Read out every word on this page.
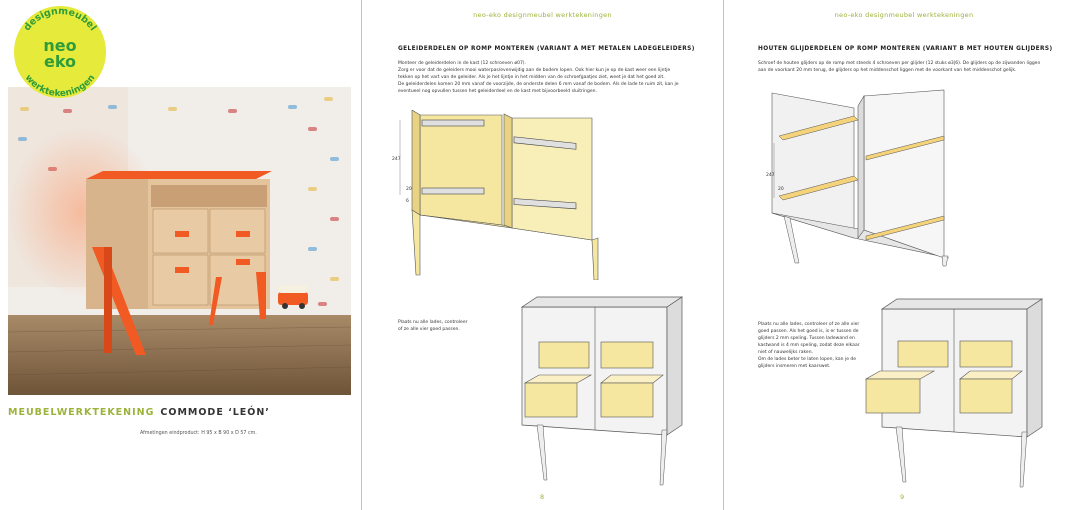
designmeubel
werktekeningen
neo
eko
MEUBELWERKTEKENING COMMODE ‘LEÓN’
Afmetingen eindproduct: H 95 x B 90 x D 57 cm.
neo-eko designmeubel werktekeningen
GELEIDERDELEN OP ROMP MONTEREN (VARIANT A MET METALEN LADEGELEIDERS)
Monteer de geleiderdelen in de kast (12 schroeven ø07).
Zorg er voor dat de geleiders mooi waterpas/evenwijdig aan de bodem lopen. Ook hier kun je op de kast weer een lijntje
tekken op het vart van de geleider. Als je het lijntje in het midden van de schroefgaatjes ziet, weet je dat het goed zit.
De geleiderdelen komen 20 mm vanaf de voorzijde, de onderste delen 6 mm vanaf de bodem. Als de lade te ruim zit, kan je
eventueel nog opvullen tussen het geleiderdeel en de kast met bijvoorbeeld sluitringen.
247
20
6
Plaats nu alle lades, controleer
of ze alle vier goed passen.
8
neo-eko designmeubel werktekeningen
HOUTEN GLIJDERDELEN OP ROMP MONTEREN (VARIANT B MET HOUTEN GLIJDERS)
Schroef de houten glijders op de romp met steeds 4 schroeven per glijder (12 stuks ø3|6). De glijders op de zijwanden liggen
aan de voorkant 20 mm terug, de glijders op het middenschot liggen met de voorkant van het middenschot gelijk.
247
20
Plaats nu alle lades, controleer of ze alle vier
goed passen. Als het goed is, is er tussen de
glijders 2 mm speling. Tussen ladewand en
kastwand is 4 mm speling, zodat deze elkaar
niet of nauwelijks raken.
Om de lades beter te laten lopen, kan je de
glijders insmeren met kaarswet.
9
